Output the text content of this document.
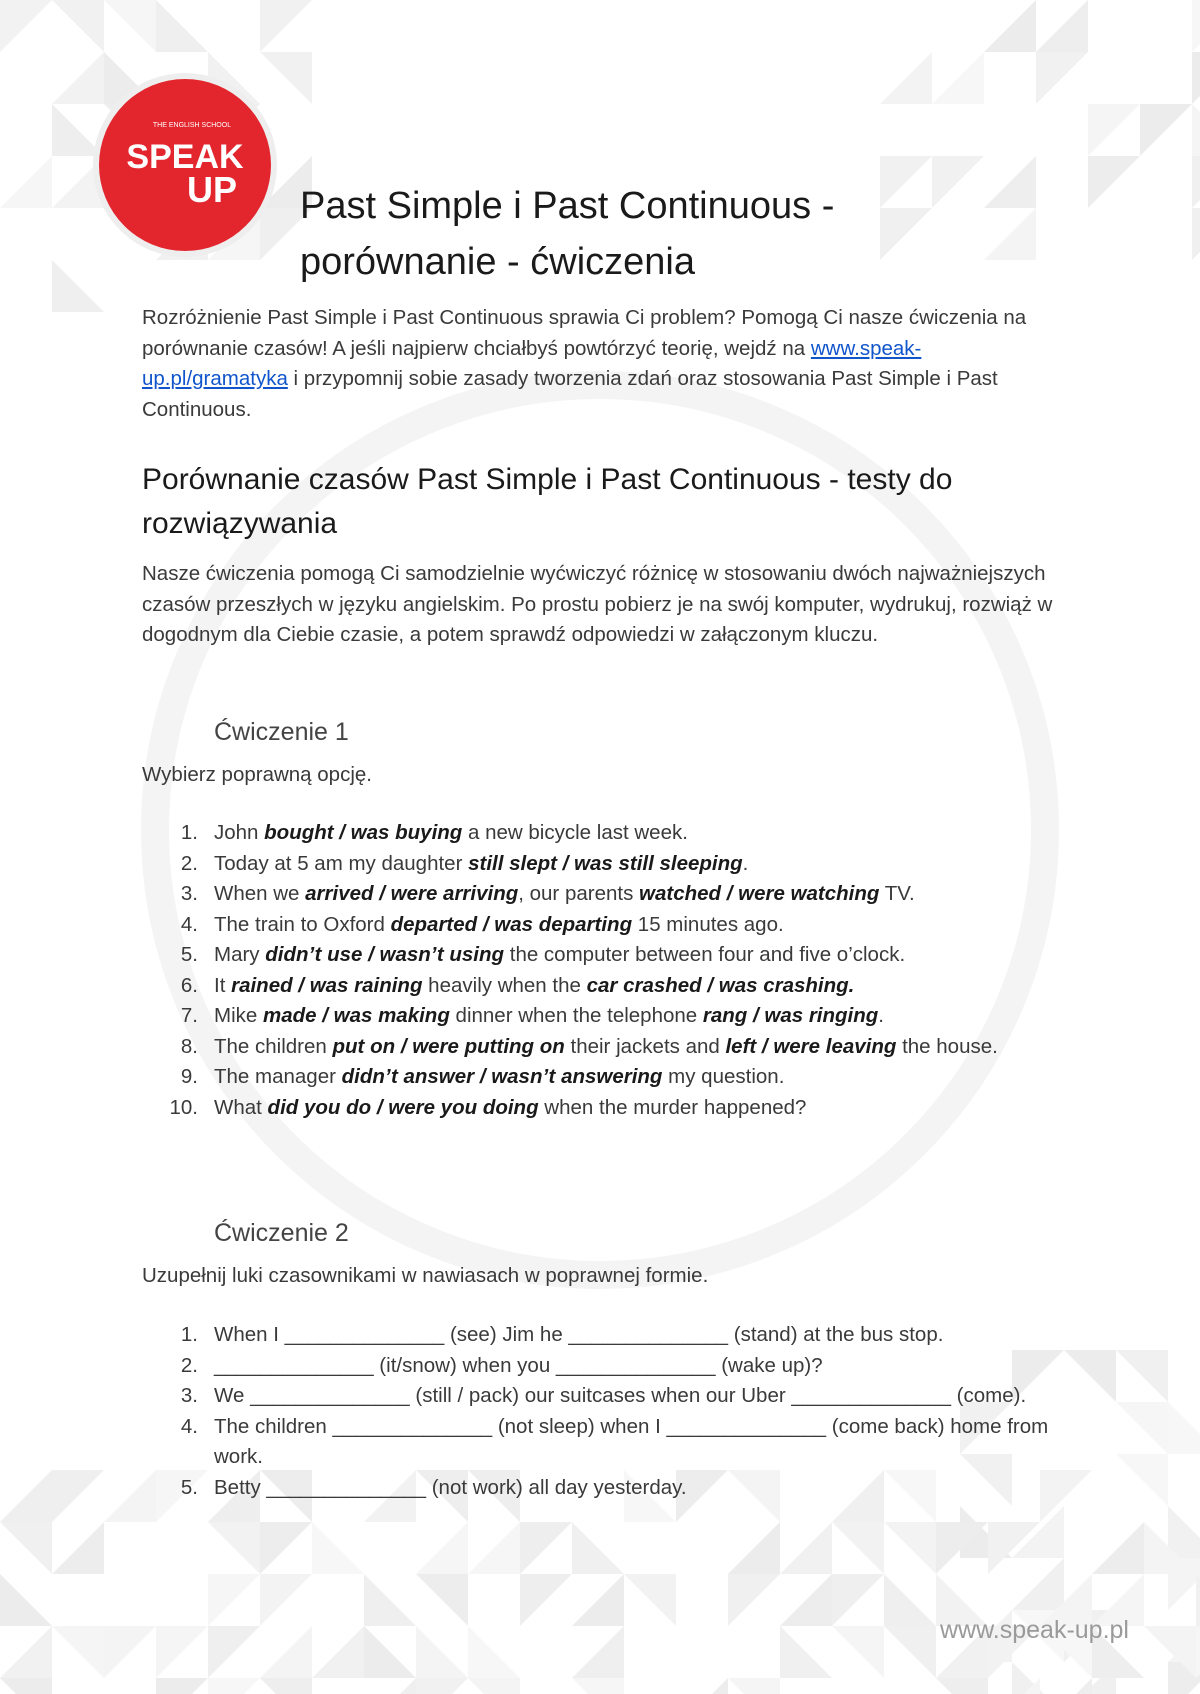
THE ENGLISH SCHOOL
SPEAK
UP Past Simple i Past Continuous -
porównanie - ćwiczenia

Rozróżnienie Past Simple i Past Continuous sprawia Ci problem? Pomogą Ci nasze ćwiczenia na porównanie czasów! A jeśli najpierw chciałbyś powtórzyć teorię, wejdź na www.speak-up.pl/gramatyka i przypomnij sobie zasady tworzenia zdań oraz stosowania Past Simple i Past Continuous.

Porównanie czasów Past Simple i Past Continuous - testy do
rozwiązywania

Nasze ćwiczenia pomogą Ci samodzielnie wyćwiczyć różnicę w stosowaniu dwóch najważniejszych czasów przeszłych w języku angielskim. Po prostu pobierz je na swój komputer, wydrukuj, rozwiąż w dogodnym dla Ciebie czasie, a potem sprawdź odpowiedzi w załączonym kluczu.

Ćwiczenie 1

Wybierz poprawną opcję.

1. John bought / was buying a new bicycle last week.
2. Today at 5 am my daughter still slept / was still sleeping.
3. When we arrived / were arriving, our parents watched / were watching TV.
4. The train to Oxford departed / was departing 15 minutes ago.
5. Mary didn’t use / wasn’t using the computer between four and five o’clock.
6. It rained / was raining heavily when the car crashed / was crashing.
7. Mike made / was making dinner when the telephone rang / was ringing.
8. The children put on / were putting on their jackets and left / were leaving the house.
9. The manager didn’t answer / wasn’t answering my question.
10. What did you do / were you doing when the murder happened?
Ćwiczenie 2

Uzupełnij luki czasownikami w nawiasach w poprawnej formie.

1. When I ______________ (see) Jim he ______________ (stand) at the bus stop.
2. ______________ (it/snow) when you ______________ (wake up)?
3. We ______________ (still / pack) our suitcases when our Uber ______________ (come).
4. The children ______________ (not sleep) when I ______________ (come back) home from work.
5. Betty ______________ (not work) all day yesterday.
www.speak-up.pl
